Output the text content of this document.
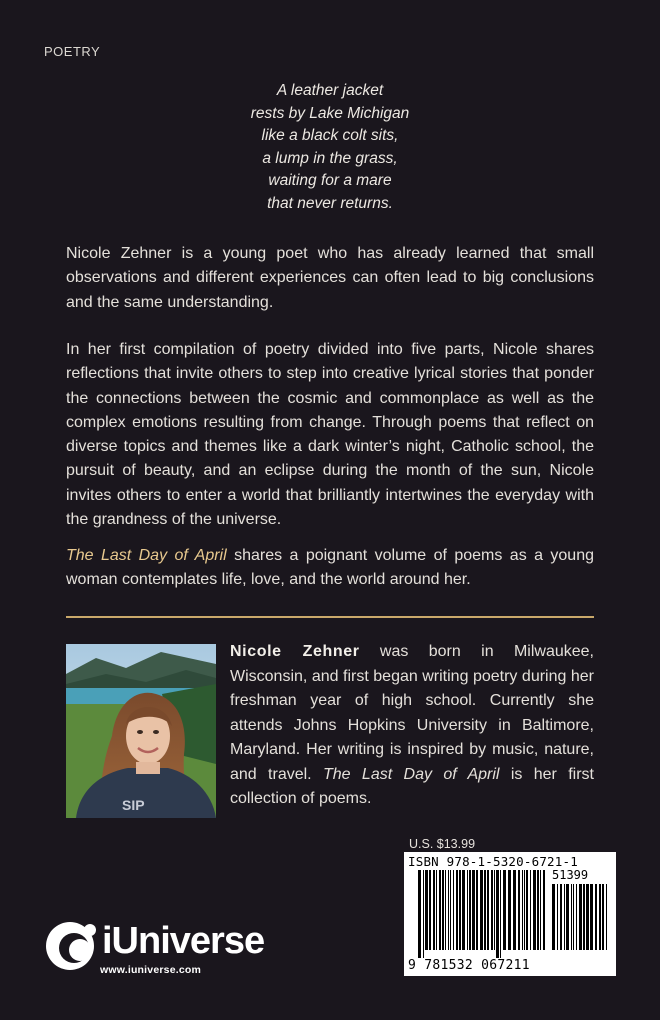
POETRY
A leather jacket
rests by Lake Michigan
like a black colt sits,
a lump in the grass,
waiting for a mare
that never returns.
Nicole Zehner is a young poet who has already learned that small observations and different experiences can often lead to big conclusions and the same understanding.
In her first compilation of poetry divided into five parts, Nicole shares reflections that invite others to step into creative lyrical stories that ponder the connections between the cosmic and commonplace as well as the complex emotions resulting from change. Through poems that reflect on diverse topics and themes like a dark winter’s night, Catholic school, the pursuit of beauty, and an eclipse during the month of the sun, Nicole invites others to enter a world that brilliantly intertwines the everyday with the grandness of the universe.
The Last Day of April shares a poignant volume of poems as a young woman contemplates life, love, and the world around her.
SIP
Nicole Zehner was born in Milwaukee, Wisconsin, and first began writing poetry during her freshman year of high school. Currently she attends Johns Hopkins University in Baltimore, Maryland. Her writing is inspired by music, nature, and travel. The Last Day of April is her first collection of poems.
U.S. $13.99
ISBN 978-1-5320-6721-1
51399
9 781532 067211
iUniverse
www.iuniverse.com
